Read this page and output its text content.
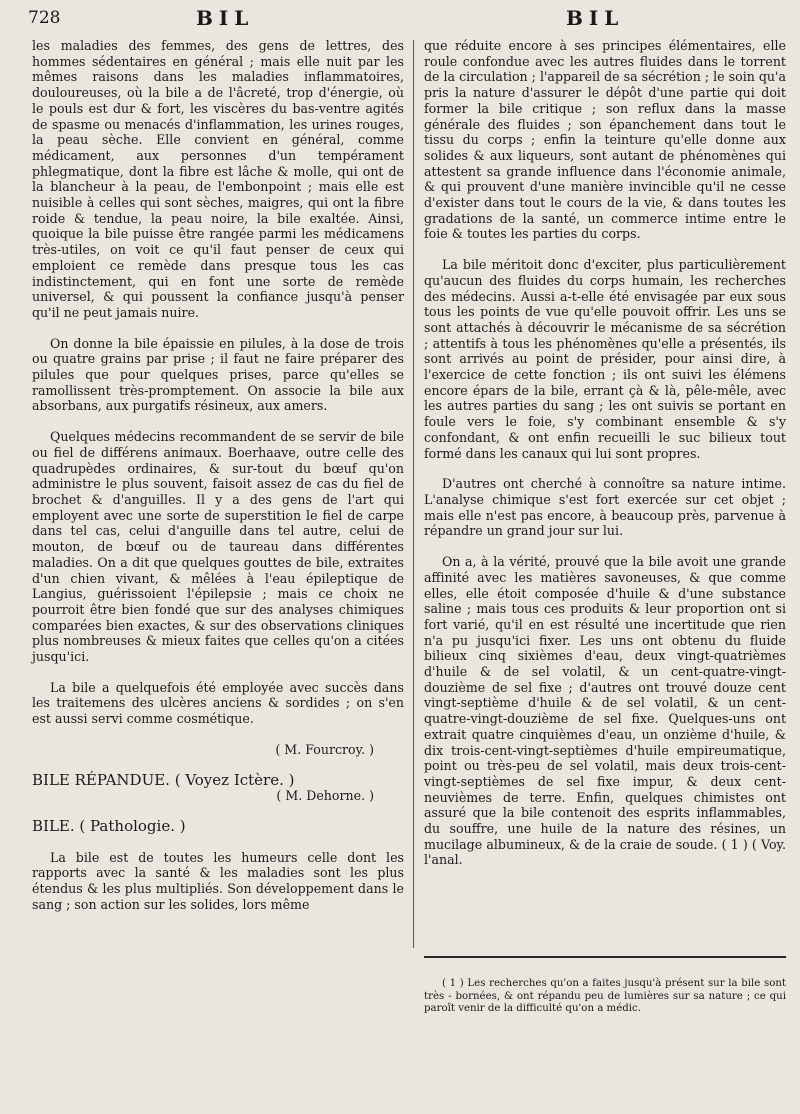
728	BIL	BIL

les maladies des femmes, des gens de lettres, des hommes sédentaires en général ; mais elle nuit par les mêmes raisons dans les maladies inflammatoires, douloureuses, où la bile a de l'âcreté, trop d'énergie, où le pouls est dur & fort, les viscères du bas-ventre agités de spasme ou menacés d'inflammation, les urines rouges, la peau sèche. Elle convient en général, comme médicament, aux personnes d'un tempérament phlegmatique, dont la fibre est lâche & molle, qui ont de la blancheur à la peau, de l'embonpoint ; mais elle est nuisible à celles qui sont sèches, maigres, qui ont la fibre roide & tendue, la peau noire, la bile exaltée. Ainsi, quoique la bile puisse être rangée parmi les médicamens très-utiles, on voit ce qu'il faut penser de ceux qui emploient ce remède dans presque tous les cas indistinctement, qui en font une sorte de remède universel, & qui poussent la confiance jusqu'à penser qu'il ne peut jamais nuire.

On donne la bile épaissie en pilules, à la dose de trois ou quatre grains par prise ; il faut ne faire préparer des pilules que pour quelques prises, parce qu'elles se ramollissent très-promptement. On associe la bile aux absorbans, aux purgatifs résineux, aux amers.

Quelques médecins recommandent de se servir de bile ou fiel de différens animaux. Boerhaave, outre celle des quadrupèdes ordinaires, & sur-tout du bœuf qu'on administre le plus souvent, faisoit assez de cas du fiel de brochet & d'anguilles. Il y a des gens de l'art qui employent avec une sorte de superstition le fiel de carpe dans tel cas, celui d'anguille dans tel autre, celui de mouton, de bœuf ou de taureau dans différentes maladies. On a dit que quelques gouttes de bile, extraites d'un chien vivant, & mêlées à l'eau épileptique de Langius, guérissoient l'épilepsie ; mais ce choix ne pourroit être bien fondé que sur des analyses chimiques comparées bien exactes, & sur des observations cliniques plus nombreuses & mieux faites que celles qu'on a citées jusqu'ici.

La bile a quelquefois été employée avec succès dans les traitemens des ulcères anciens & sordides ; on s'en est aussi servi comme cosmétique.

( M. Fourcroy. )

BILE RÉPANDUE. ( Voyez Ictère. )

( M. Dehorne. )

BILE. ( Pathologie. )

La bile est de toutes les humeurs celle dont les rapports avec la santé & les maladies sont les plus étendus & les plus multipliés. Son développement dans le sang ; son action sur les solides, lors même

que réduite encore à ses principes élémentaires, elle roule confondue avec les autres fluides dans le torrent de la circulation ; l'appareil de sa sécrétion ; le soin qu'a pris la nature d'assurer le dépôt d'une partie qui doit former la bile critique ; son reflux dans la masse générale des fluides ; son épanchement dans tout le tissu du corps ; enfin la teinture qu'elle donne aux solides & aux liqueurs, sont autant de phénomènes qui attestent sa grande influence dans l'économie animale, & qui prouvent d'une manière invincible qu'il ne cesse d'exister dans tout le cours de la vie, & dans toutes les gradations de la santé, un commerce intime entre le foie & toutes les parties du corps.

La bile méritoit donc d'exciter, plus particulièrement qu'aucun des fluides du corps humain, les recherches des médecins. Aussi a-t-elle été envisagée par eux sous tous les points de vue qu'elle pouvoit offrir. Les uns se sont attachés à découvrir le mécanisme de sa sécrétion ; attentifs à tous les phénomènes qu'elle a présentés, ils sont arrivés au point de présider, pour ainsi dire, à l'exercice de cette fonction ; ils ont suivi les élémens encore épars de la bile, errant çà & là, pêle-mêle, avec les autres parties du sang ; les ont suivis se portant en foule vers le foie, s'y combinant ensemble & s'y confondant, & ont enfin recueilli le suc bilieux tout formé dans les canaux qui lui sont propres.

D'autres ont cherché à connoître sa nature intime. L'analyse chimique s'est fort exercée sur cet objet ; mais elle n'est pas encore, à beaucoup près, parvenue à répandre un grand jour sur lui.

On a, à la vérité, prouvé que la bile avoit une grande affinité avec les matières savoneuses, & que comme elles, elle étoit composée d'huile & d'une substance saline ; mais tous ces produits & leur proportion ont si fort varié, qu'il en est résulté une incertitude que rien n'a pu jusqu'ici fixer. Les uns ont obtenu du fluide bilieux cinq sixièmes d'eau, deux vingt-quatrièmes d'huile & de sel volatil, & un cent-quatre-vingt-douzième de sel fixe ; d'autres ont trouvé douze cent vingt-septième d'huile & de sel volatil, & un cent-quatre-vingt-douzième de sel fixe. Quelques-uns ont extrait quatre cinquièmes d'eau, un onzième d'huile, & dix trois-cent-vingt-septièmes d'huile empireumatique, point ou très-peu de sel volatil, mais deux trois-cent-vingt-septièmes de sel fixe impur, & deux cent-neuvièmes de terre. Enfin, quelques chimistes ont assuré que la bile contenoit des esprits inflammables, du souffre, une huile de la nature des résines, un mucilage albumineux, & de la craie de soude. ( 1 ) ( Voy. l'anal.

( 1 ) Les recherches qu'on a faites jusqu'à présent sur la bile sont très - bornées, & ont répandu peu de lumières sur sa nature ; ce qui paroît venir de la difficulté qu'on a médic.
